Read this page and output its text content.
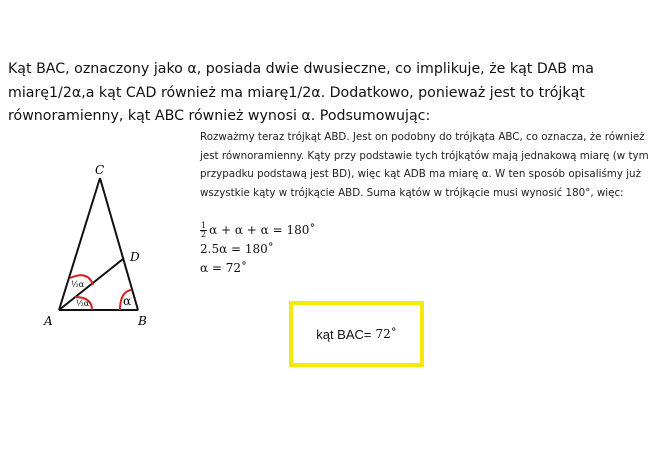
Kąt BAC, oznaczony jako α, posiada dwie dwusieczne, co implikuje, że kąt DAB ma miarę1/2α,a kąt CAD również ma miarę1/2α. Dodatkowo, ponieważ jest to trójkąt równoramienny, kąt ABC również wynosi α. Podsumowując:
Rozważmy teraz trójkąt ABD. Jest on podobny do trójkąta ABC, co oznacza, że również jest równoramienny. Kąty przy podstawie tych trójkątów mają jednakową miarę (w tym przypadku podstawą jest BD), więc kąt ADB ma miarę α. W ten sposób opisaliśmy już wszystkie kąty w trójkącie ABD. Suma kątów w trójkącie musi wynosić 180°, więc:
$\frac{1}{2}$ α + α + α = 180˚
2.5α = 180˚
α = 72˚
kąt BAC= 72˚
C
D
A	B
½α
½α	α
